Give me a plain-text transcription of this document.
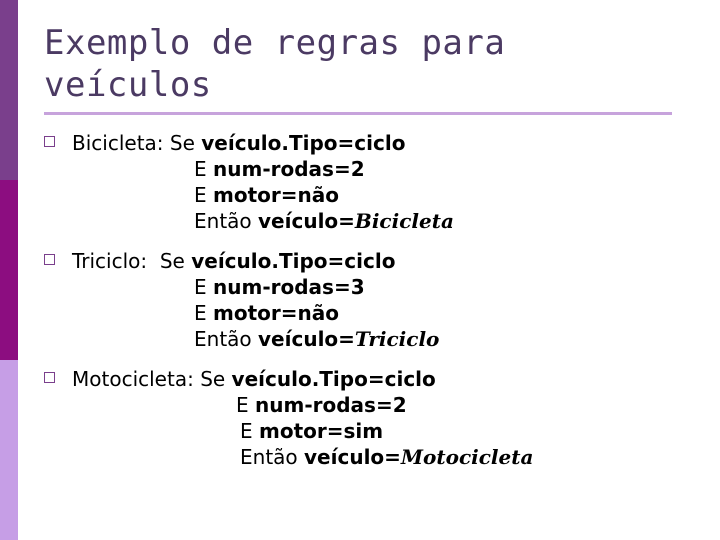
Exemplo de regras para
veículos
Bicicleta: Se veículo.Tipo=ciclo
E num-rodas=2
E motor=não
Então veículo=Bicicleta
Triciclo: Se veículo.Tipo=ciclo
E num-rodas=3
E motor=não
Então veículo=Triciclo
Motocicleta: Se veículo.Tipo=ciclo
E num-rodas=2
E motor=sim
Então veículo=Motocicleta
